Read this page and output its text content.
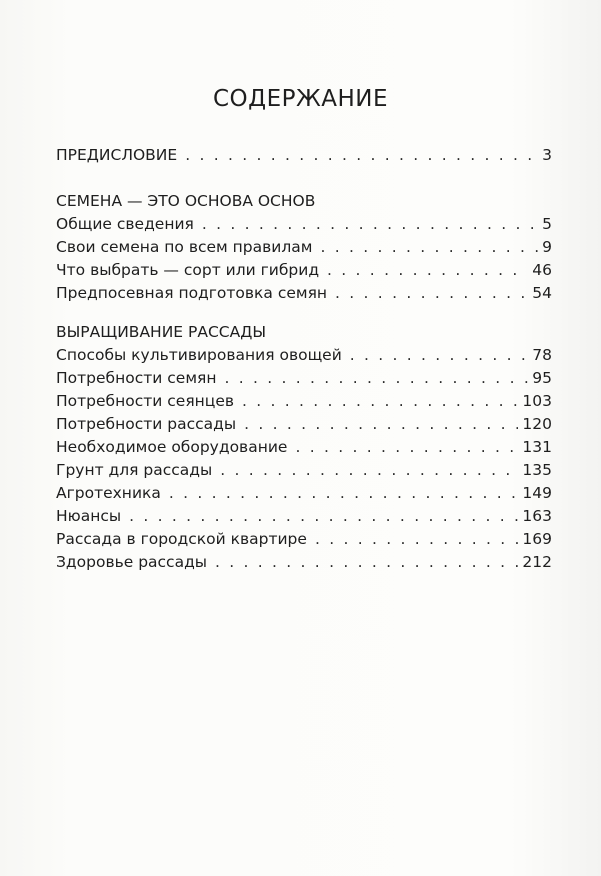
СОДЕРЖАНИЕ
ПРЕДИСЛОВИЕ . . .	3
СЕМЕНА — ЭТО ОСНОВА ОСНОВ
Общие сведения . . .	5
Свои семена по всем правилам . . .	9
Что выбрать — сорт или гибрид . . .	46
Предпосевная подготовка семян . . .	54
ВЫРАЩИВАНИЕ РАССАДЫ
Способы культивирования овощей . . .	78
Потребности семян . . .	95
Потребности сеянцев . . .	103
Потребности рассады . . .	120
Необходимое оборудование . . .	131
Грунт для рассады . . .	135
Агротехника . . .	149
Нюансы . . .	163
Рассада в городской квартире . . .	169
Здоровье рассады . . .	212
